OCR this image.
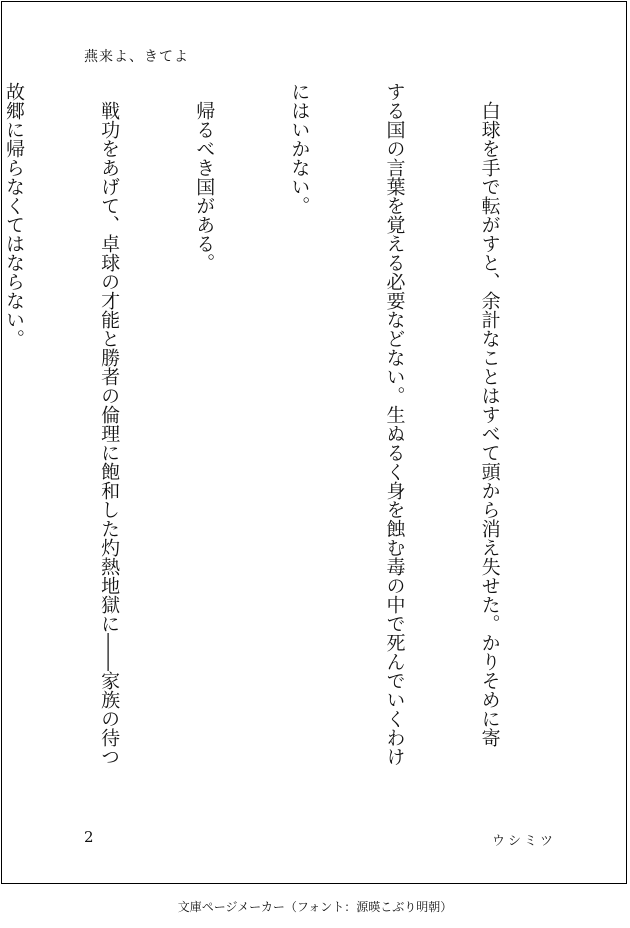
燕来よ、きてよ

　白球を手で転がすと、余計なことはすべて頭から消え失せた。かりそめに寄

する国の言葉を覚える必要などない。生ぬるく身を蝕む毒の中で死んでいくわけ

にはいかない。

　帰るべき国がある。

　戦功をあげて、卓球の才能と勝者の倫理に飽和した灼熱地獄に――家族の待つ

故郷に帰らなくてはならない。

2	ウシミツ
文庫ページメーカー（フォント：源暎こぶり明朝）
